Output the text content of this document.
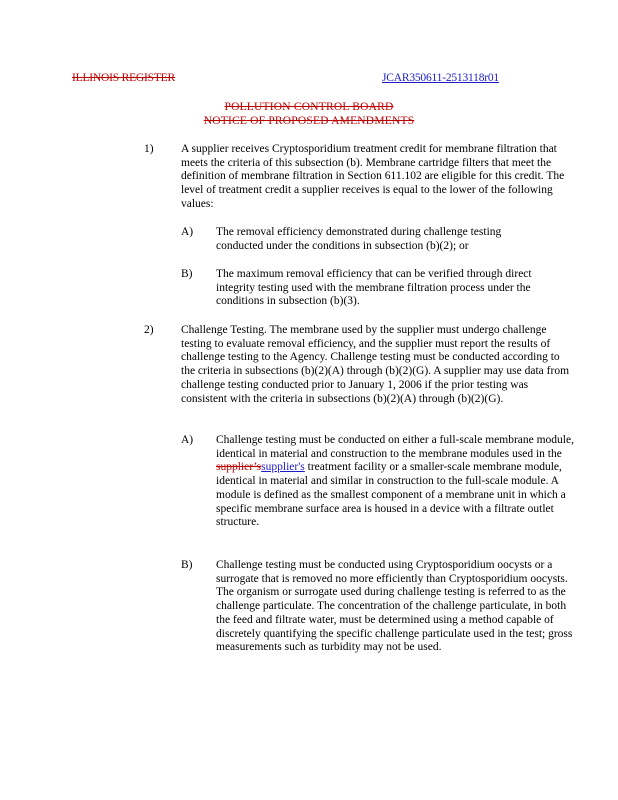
ILLINOIS REGISTER	JCAR350611-2513118r01
POLLUTION CONTROL BOARD
NOTICE OF PROPOSED AMENDMENTS
1) A supplier receives Cryptosporidium treatment credit for membrane filtration that meets the criteria of this subsection (b). Membrane cartridge filters that meet the definition of membrane filtration in Section 611.102 are eligible for this credit. The level of treatment credit a supplier receives is equal to the lower of the following values:
A) The removal efficiency demonstrated during challenge testing conducted under the conditions in subsection (b)(2); or
B) The maximum removal efficiency that can be verified through direct integrity testing used with the membrane filtration process under the conditions in subsection (b)(3).
2) Challenge Testing. The membrane used by the supplier must undergo challenge testing to evaluate removal efficiency, and the supplier must report the results of challenge testing to the Agency. Challenge testing must be conducted according to the criteria in subsections (b)(2)(A) through (b)(2)(G). A supplier may use data from challenge testing conducted prior to January 1, 2006 if the prior testing was consistent with the criteria in subsections (b)(2)(A) through (b)(2)(G).
A) Challenge testing must be conducted on either a full-scale membrane module, identical in material and construction to the membrane modules used in the supplier’ssupplier's treatment facility or a smaller-scale membrane module, identical in material and similar in construction to the full-scale module. A module is defined as the smallest component of a membrane unit in which a specific membrane surface area is housed in a device with a filtrate outlet structure.
B) Challenge testing must be conducted using Cryptosporidium oocysts or a surrogate that is removed no more efficiently than Cryptosporidium oocysts. The organism or surrogate used during challenge testing is referred to as the challenge particulate. The concentration of the challenge particulate, in both the feed and filtrate water, must be determined using a method capable of discretely quantifying the specific challenge particulate used in the test; gross measurements such as turbidity may not be used.
